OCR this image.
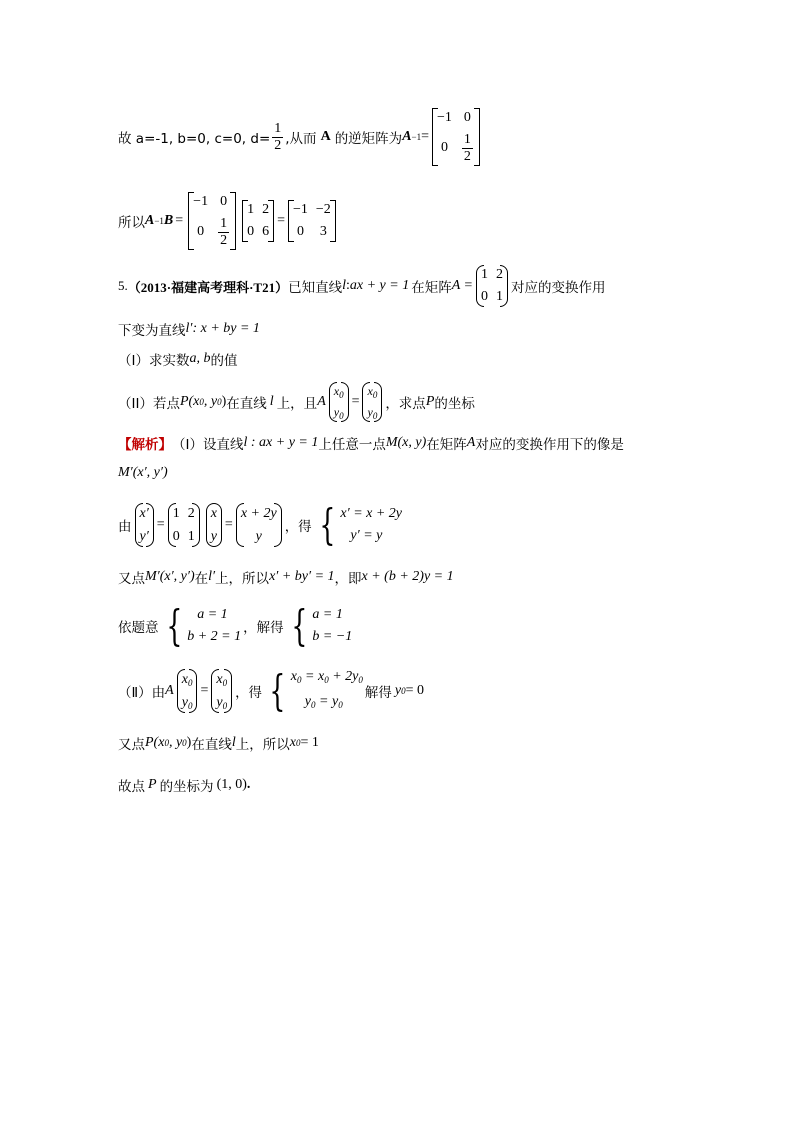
故 a=-1, b=0, c=0, $d= \frac{1}{2}$ ,从而 A 的逆矩阵为 A −1 =
−1 0
$0 \frac{1}{2}$
所以 A −1 B =
−1 0
$0 \frac{1}{2}$
1 2
0 6
=
−1 −2
0 3
5. （2013·福建高考理科·T21） 已知直线 l : ax + y = 1 在矩阵 A =
1 2
0 1
对应的变换作用
下变为直线 l′: x + by = 1
（I）求实数 a, b 的值
（II）若点 P(x 0 , y 0 ) 在直线 l 上，且 A
$x_0$
$y_0$
=
$x_0$
$y_0$
，求点 P 的坐标
【解析】 （Ⅰ）设直线 l : ax + y = 1 上任意一点 M(x, y) 在矩阵 A 对应的变换作用下的像是
M′(x′, y′)
由
x′
y′
=
1 2
0 1
x
y
=
x + 2y
y
，得 { x′ = x + 2y
y′ = y
又点 M′(x′, y′) 在 l′ 上，所以 x′ + by′ = 1 ，即 x + (b + 2)y = 1
依题意 {	a = 1
b + 2 = 1
，解得 { a = 1
b = −1
（Ⅱ）由 A
$x_0$
$y_0$
=
$x_0$
$y_0$
，得 { $x_0 = x_0 + 2y_0$
$y_0 = y_0$
解得 y 0 = 0
又点 P(x 0 , y 0 ) 在直线 l 上，所以 x 0 = 1
故点 P 的坐标为 (1, 0) .
